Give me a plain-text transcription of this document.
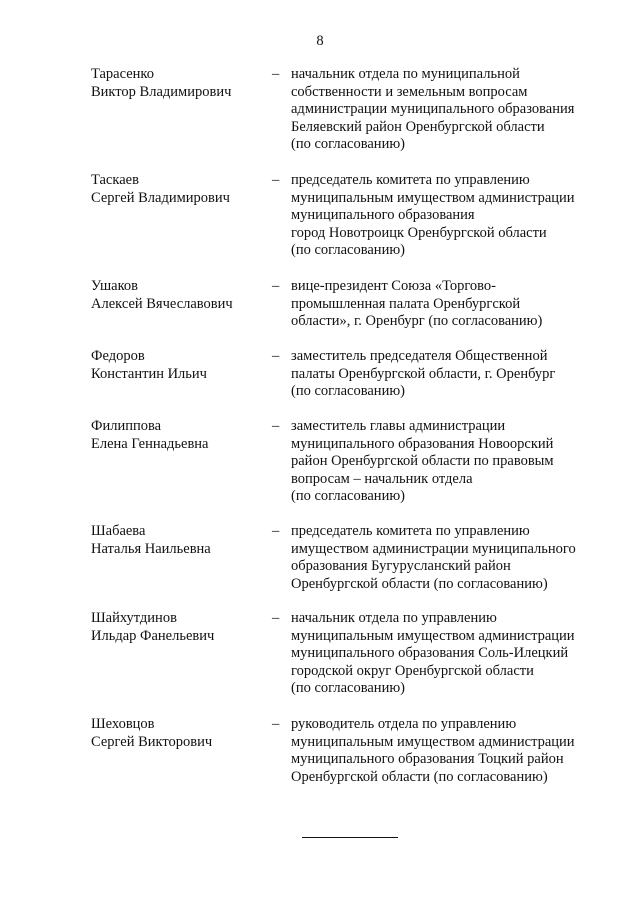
8
Тарасенко
Виктор Владимирович
– начальник отдела по муниципальной
собственности и земельным вопросам
администрации муниципального образования
Беляевский район Оренбургской области
(по согласованию)
Таскаев
Сергей Владимирович
– председатель комитета по управлению
муниципальным имуществом администрации
муниципального образования
город Новотроицк Оренбургской области
(по согласованию)
Ушаков
Алексей Вячеславович
– вице-президент Союза «Торгово-
промышленная палата Оренбургской
области», г. Оренбург (по согласованию)
Федоров
Константин Ильич
– заместитель председателя Общественной
палаты Оренбургской области, г. Оренбург
(по согласованию)
Филиппова
Елена Геннадьевна
– заместитель главы администрации
муниципального образования Новоорский
район Оренбургской области по правовым
вопросам – начальник отдела
(по согласованию)
Шабаева
Наталья Наильевна
– председатель комитета по управлению
имуществом администрации муниципального
образования Бугурусланский район
Оренбургской области (по согласованию)
Шайхутдинов
Ильдар Фанельевич
– начальник отдела по управлению
муниципальным имуществом администрации
муниципального образования Соль-Илецкий
городской округ Оренбургской области
(по согласованию)
Шеховцов
Сергей Викторович
– руководитель отдела по управлению
муниципальным имуществом администрации
муниципального образования Тоцкий район
Оренбургской области (по согласованию)
